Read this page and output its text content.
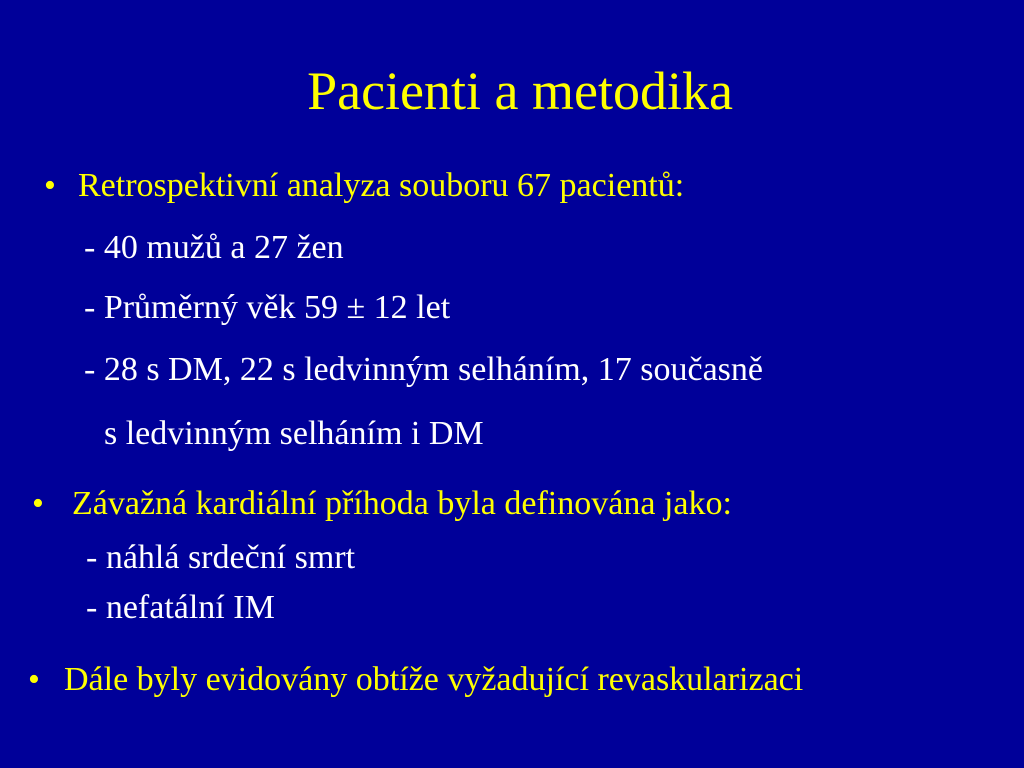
Pacienti a metodika
• Retrospektivní analyza souboru 67 pacientů:
- 40 mužů a 27 žen
- Průměrný věk 59 ± 12 let
- 28 s DM, 22 s ledvinným selháním, 17 současně
s ledvinným selháním i DM
• Závažná kardiální příhoda byla definována jako:
- náhlá srdeční smrt
- nefatální IM
• Dále byly evidovány obtíže vyžadující revaskularizaci
